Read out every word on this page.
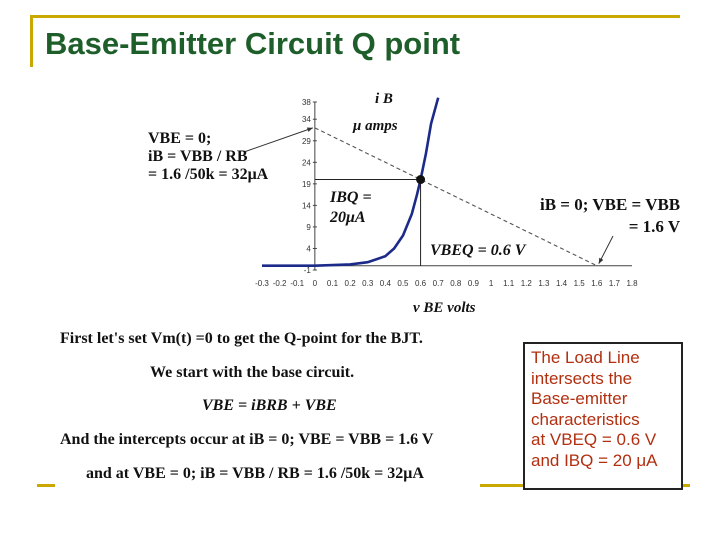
Base-Emitter Circuit Q point
38
34
29
24
19
14
9
4
-1
-0.3 -0.2 -0.1 0 0.1 0.2 0.3 0.4 0.5 0.6 0.7 0.8 0.9 1 1.1 1.2 1.3 1.4 1.5 1.6 1.7 1.8
i B
μ amps
v BE volts
VBE = 0;
iB = VBB / RB
= 1.6 /50k = 32μA
IBQ =
20μA
VBEQ = 0.6 V
iB = 0; VBE = VBB
= 1.6 V
First let's set Vm(t) =0 to get the Q-point for the BJT.
We start with the base circuit.
VBE = iBRB + VBE
And the intercepts occur at iB = 0; VBE = VBB = 1.6 V
and at VBE = 0; iB = VBB / RB = 1.6 /50k = 32μA
The Load Line
intersects the
Base-emitter
characteristics
at VBEQ = 0.6 V
and IBQ = 20 μA
